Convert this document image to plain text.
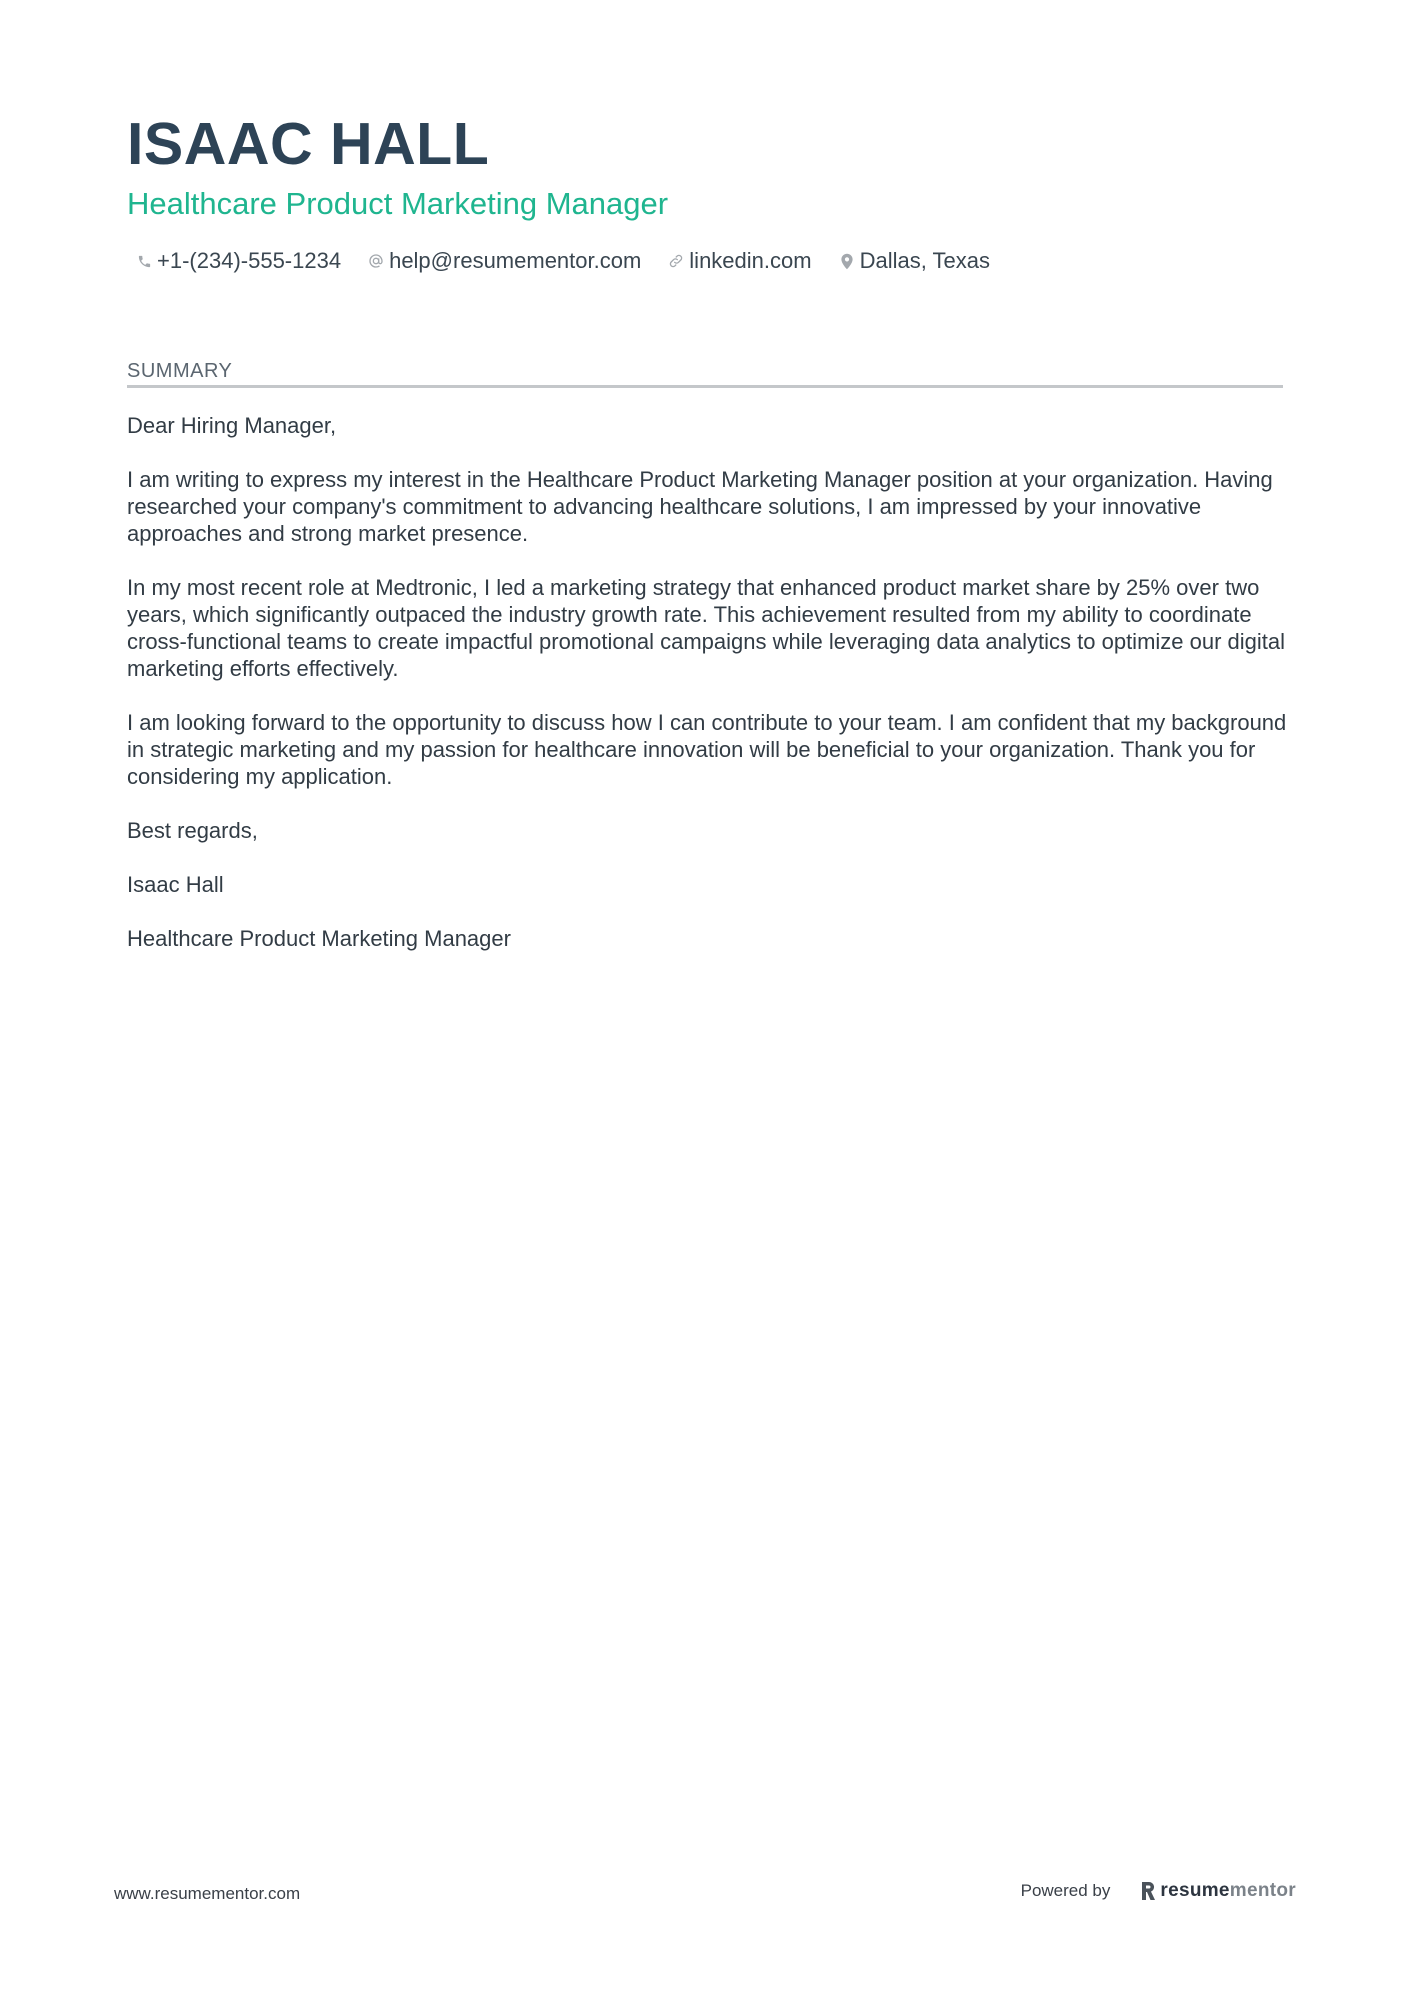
ISAAC HALL
Healthcare Product Marketing Manager
+1-(234)-555-1234 help@resumementor.com linkedin.com Dallas, Texas
SUMMARY

Dear Hiring Manager,

I am writing to express my interest in the Healthcare Product Marketing Manager position at your organization. Having researched your company's commitment to advancing healthcare solutions, I am impressed by your innovative approaches and strong market presence.

In my most recent role at Medtronic, I led a marketing strategy that enhanced product market share by 25% over two years, which significantly outpaced the industry growth rate. This achievement resulted from my ability to coordinate cross-functional teams to create impactful promotional campaigns while leveraging data analytics to optimize our digital marketing efforts effectively.

I am looking forward to the opportunity to discuss how I can contribute to your team. I am confident that my background in strategic marketing and my passion for healthcare innovation will be beneficial to your organization. Thank you for considering my application.

Best regards,

Isaac Hall

Healthcare Product Marketing Manager

www.resumementor.com	Powered by	resume mentor
